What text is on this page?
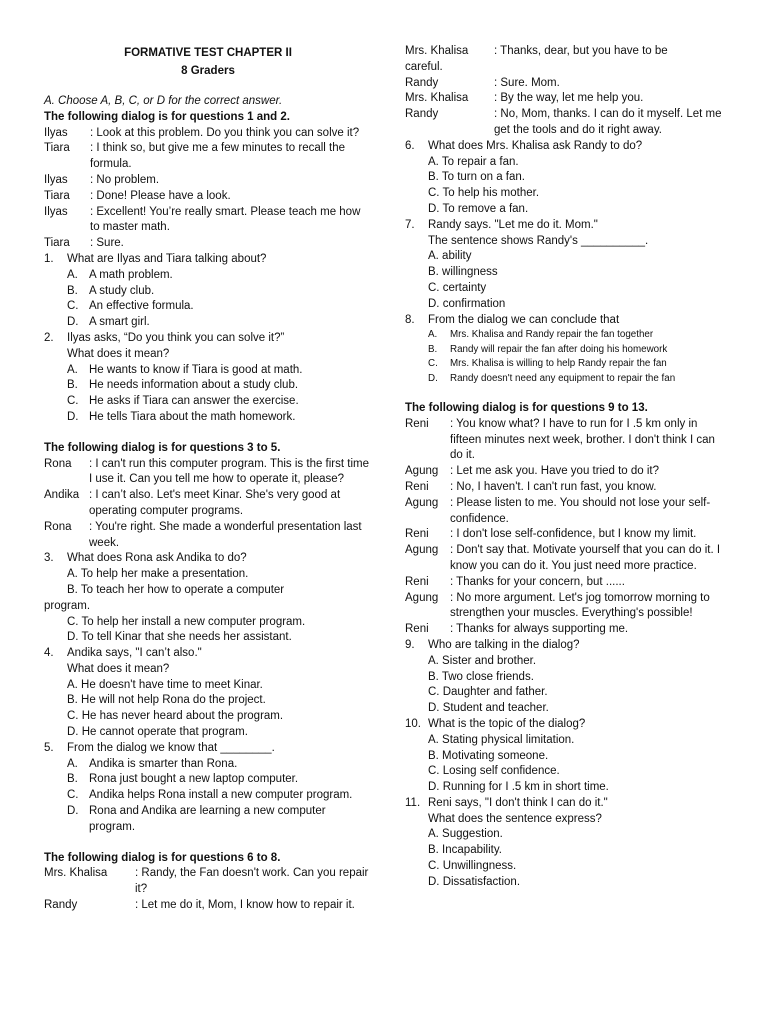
FORMATIVE TEST CHAPTER II
8 Graders
A. Choose A, B, C, or D for the correct answer.
The following dialog is for questions 1 and 2.
Ilyas	: Look at this problem. Do you think you can solve it?
Tiara	: I think so, but give me a few minutes to recall the formula.
Ilyas	: No problem.
Tiara	: Done! Please have a look.
Ilyas	: Excellent! You’re really smart. Please teach me how to master math.
Tiara	: Sure.
1.	What are Ilyas and Tiara talking about?
A. A math problem.
B. A study club.
C. An effective formula.
D. A smart girl.
2.	Ilyas asks, “Do you think you can solve it?”
What does it mean?
A. He wants to know if Tiara is good at math.
B. He needs information about a study club.
C. He asks if Tiara can answer the exercise.
D. He tells Tiara about the math homework.
The following dialog is for questions 3 to 5.
Rona	: I can't run this computer program. This is the first time I use it. Can you tell me how to operate it, please?
Andika : I can’t also. Let's meet Kinar. She's very good at operating computer programs.
Rona	: You're right. She made a wonderful presentation last week.
3.	What does Rona ask Andika to do?
A. To help her make a presentation.
B. To teach her how to operate a computer
program.
C. To help her install a new computer program.
D. To tell Kinar that she needs her assistant.
4.	Andika says, "I can’t also."
What does it mean?
A. He doesn't have time to meet Kinar.
B. He will not help Rona do the project.
C. He has never heard about the program.
D. He cannot operate that program.
5.	From the dialog we know that ________.
A. Andika is smarter than Rona.
B. Rona just bought a new laptop computer.
C. Andika helps Rona install a new computer program.
D. Rona and Andika are learning a new computer program.
The following dialog is for questions 6 to 8.
Mrs. Khalisa	: Randy, the Fan doesn't work. Can you repair it?
Randy	: Let me do it, Mom, I know how to repair it.
Mrs. Khalisa	: Thanks, dear, but you have to be
careful.
Randy	: Sure. Mom.
Mrs. Khalisa	: By the way, let me help you.
Randy	: No, Mom, thanks. I can do it myself. Let me get the tools and do it right away.
6.	What does Mrs. Khalisa ask Randy to do?
A. To repair a fan.
B. To turn on a fan.
C. To help his mother.
D. To remove a fan.
7.	Randy says. "Let me do it. Mom."
The sentence shows Randy's __________.
A. ability
B. willingness
C. certainty
D. confirmation
8.	From the dialog we can conclude that
A.	Mrs. Khalisa and Randy repair the fan together
B.	Randy will repair the fan after doing his homework
C.	Mrs. Khalisa is willing to help Randy repair the fan
D.	Randy doesn't need any equipment to repair the fan
The following dialog is for questions 9 to 13.
Reni	: You know what? I have to run for I .5 km only in fifteen minutes next week, brother. I don't think I can do it.
Agung	: Let me ask you. Have you tried to do it?
Reni	: No, I haven't. I can't run fast, you know.
Agung	: Please listen to me. You should not lose your self-confidence.
Reni	: I don't lose self-confidence, but I know my limit.
Agung	: Don't say that. Motivate yourself that you can do it. I know you can do it. You just need more practice.
Reni	: Thanks for your concern, but ......
Agung	: No more argument. Let's jog tomorrow morning to strengthen your muscles. Everything's possible!
Reni	: Thanks for always supporting me.
9.	Who are talking in the dialog?
A. Sister and brother.
B. Two close friends.
C. Daughter and father.
D. Student and teacher.
10. What is the topic of the dialog?
A. Stating physical limitation.
B. Motivating someone.
C. Losing self confidence.
D. Running for I .5 km in short time.
11. Reni says, "I don't think I can do it."
What does the sentence express?
A. Suggestion.
B. Incapability.
C. Unwillingness.
D. Dissatisfaction.
